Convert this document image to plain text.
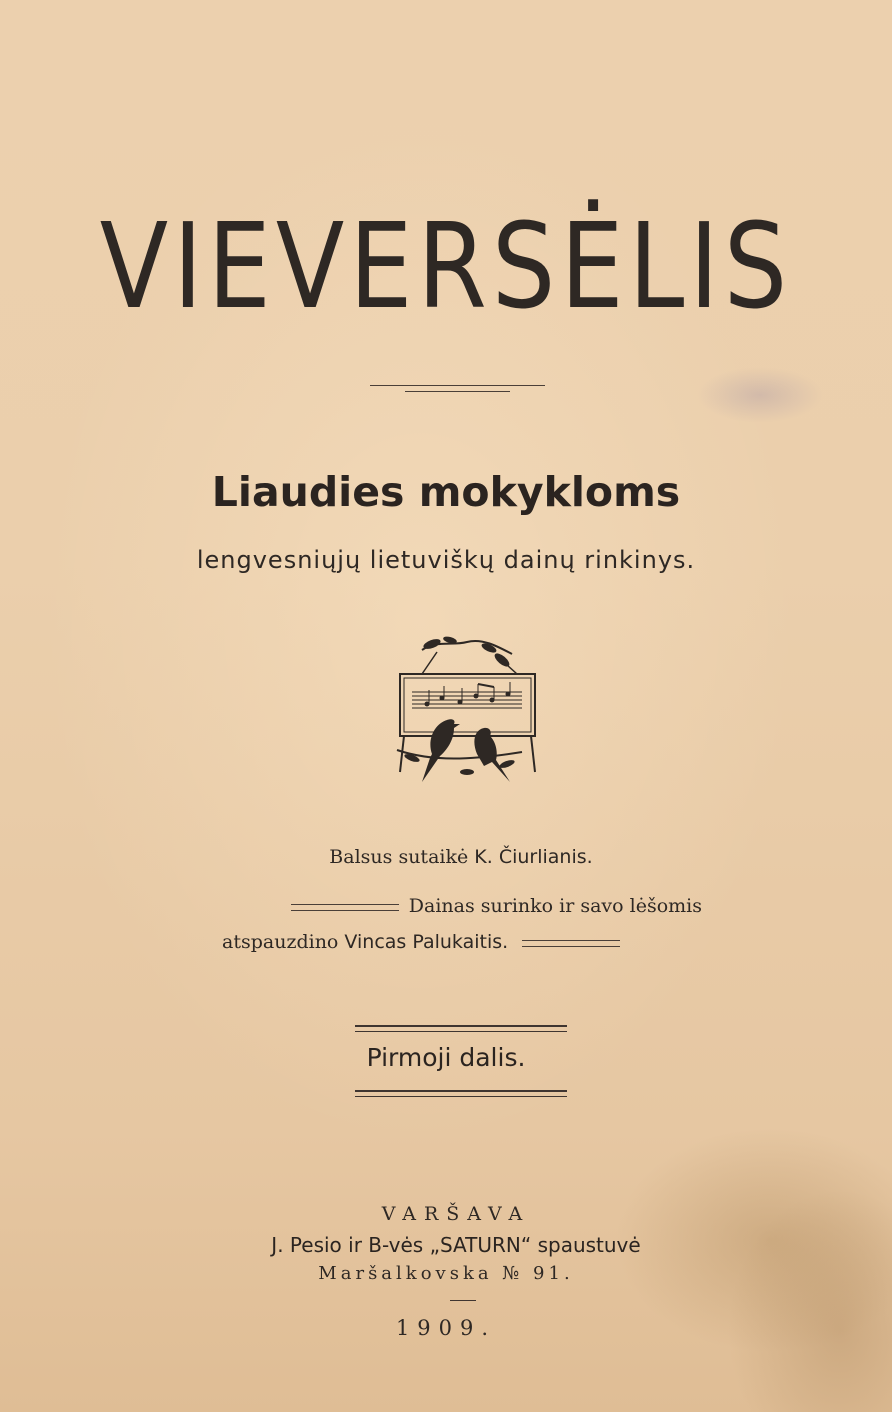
VIEVERSĖLIS
Liaudies mokykloms
lengvesniųjų lietuviškų dainų rinkinys.
Balsus sutaikė K. Čiurlianis.
Dainas surinko ir savo lėšomis
atspauzdino Vincas Palukaitis.
Pirmoji dalis.
VARŠAVA
J. Pesio ir B-vės „SATURN“ spaustuvė
Maršalkovska № 91.
1909.
